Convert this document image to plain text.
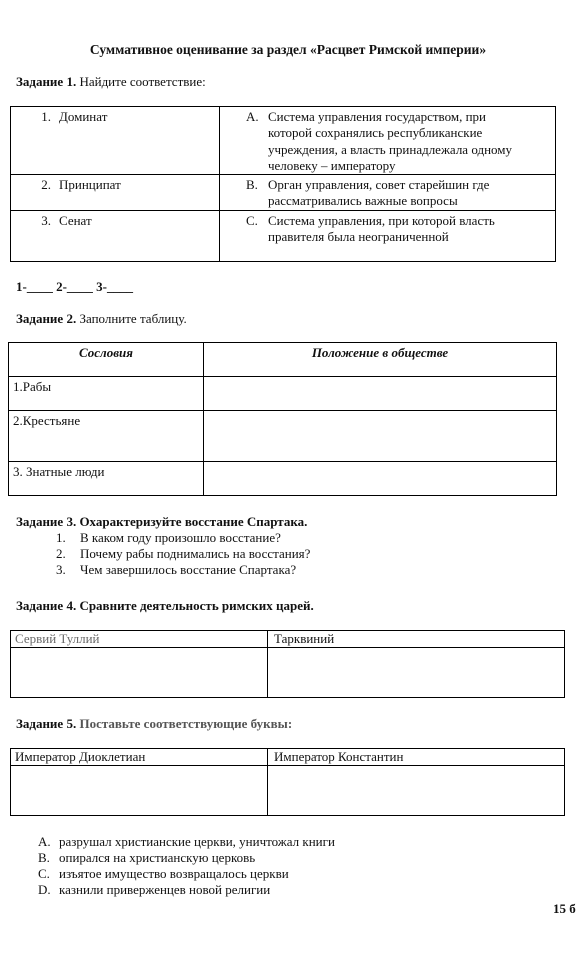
Суммативное оценивание за раздел «Расцвет Римской империи»
Задание 1. Найдите соответствие:
1. Доминат	A. Система управления государством, при
которой сохранялись республиканские
учреждения, а власть принадлежала одному
человеку – императору

2. Принципат	B. Орган управления, совет старейшин где
рассматривались важные вопросы

3. Сенат	C. Система управления, при которой власть
правителя была неограниченной
1-____ 2-____ 3-____
Задание 2. Заполните таблицу.
Сословия	Положение в обществе
1.Рабы	
2.Крестьяне	
3. Знатные люди	
Задание 3. Охарактеризуйте восстание Спартака.
1. В каком году произошло восстание?
2. Почему рабы поднимались на восстания?
3. Чем завершилось восстание Спартака?
Задание 4. Сравните деятельность римских царей.
Сервий Туллий	Тарквиний

Задание 5. Поставьте соответствующие буквы:
Император Диоклетиан	Император Константин

A. разрушал христианские церкви, уничтожал книги
B. опирался на христианскую церковь
C. изъятое имущество возвращалось церкви
D. казнили приверженцев новой религии
15 б
